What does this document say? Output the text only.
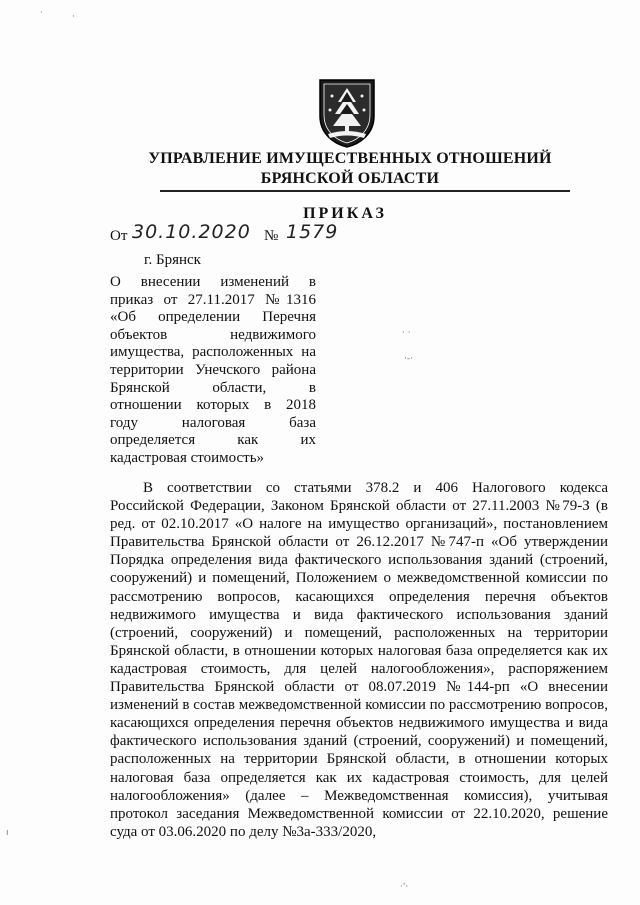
УПРАВЛЕНИЕ ИМУЩЕСТВЕННЫХ ОТНОШЕНИЙ
БРЯНСКОЙ ОБЛАСТИ
ПРИКАЗ
От 30.10.2020 № 1579
г. Брянск
О внесении изменений в
приказ от 27.11.2017 №1316
«Об определении Перечня
объектов недвижимого
имущества, расположенных на
территории Унечского района
Брянской области, в
отношении которых в 2018
году налоговая база
определяется как их
кадастровая стоимость»
В соответствии со статьями 378.2 и 406 Налогового кодекса
Российской Федерации, Законом Брянской области от 27.11.2003 №79-З (в
ред. от 02.10.2017 «О налоге на имущество организаций», постановлением
Правительства Брянской области от 26.12.2017 №747-п «Об утверждении
Порядка определения вида фактического использования зданий (строений,
сооружений) и помещений, Положением о межведомственной комиссии по
рассмотрению вопросов, касающихся определения перечня объектов
недвижимого имущества и вида фактического использования зданий
(строений, сооружений) и помещений, расположенных на территории
Брянской области, в отношении которых налоговая база определяется как их
кадастровая стоимость, для целей налогообложения», распоряжением
Правительства Брянской области от 08.07.2019 №144-рп «О внесении
изменений в состав межведомственной комиссии по рассмотрению вопросов,
касающихся определения перечня объектов недвижимого имущества и вида
фактического использования зданий (строений, сооружений) и помещений,
расположенных на территории Брянской области, в отношении которых
налоговая база определяется как их кадастровая стоимость, для целей
налогообложения» (далее – Межведомственная комиссия), учитывая
протокол заседания Межведомственной комиссии от 22.10.2020, решение
суда от 03.06.2020 по делу №3а-333/2020,
·	·
· ·
·-·
ı
·'·
